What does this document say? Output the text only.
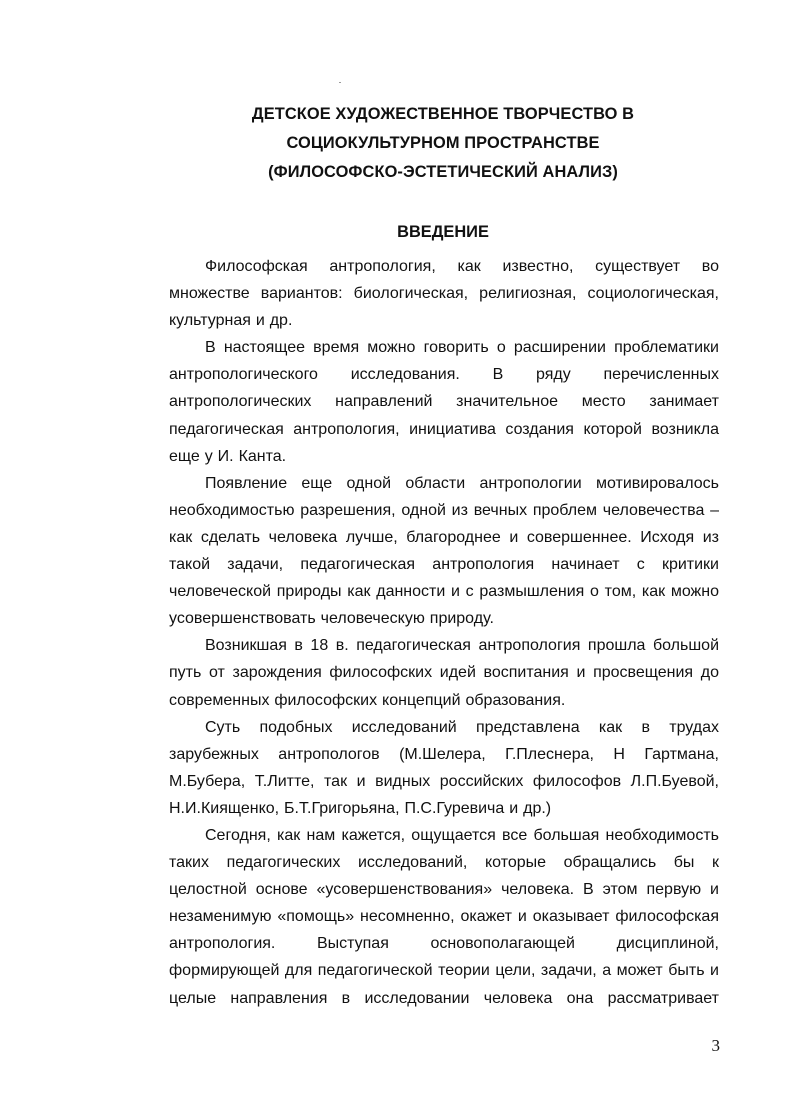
ДЕТСКОЕ ХУДОЖЕСТВЕННОЕ ТВОРЧЕСТВО В
СОЦИОКУЛЬТУРНОМ ПРОСТРАНСТВЕ
(ФИЛОСОФСКО-ЭСТЕТИЧЕСКИЙ АНАЛИЗ)
ВВЕДЕНИЕ

Философская антропология, как известно, существует во множестве вариантов: биологическая, религиозная, социологическая, культурная и др.

В настоящее время можно говорить о расширении проблематики антропологического исследования. В ряду перечисленных антропологических направлений значительное место занимает педагогическая антропология, инициатива создания которой возникла еще у И. Канта.

Появление еще одной области антропологии мотивировалось необходимостью разрешения, одной из вечных проблем человечества – как сделать человека лучше, благороднее и совершеннее. Исходя из такой задачи, педагогическая антропология начинает с критики человеческой природы как данности и с размышления о том, как можно усовершенствовать человеческую природу.

Возникшая в 18 в. педагогическая антропология прошла большой путь от зарождения философских идей воспитания и просвещения до современных философских концепций образования.

Суть подобных исследований представлена как в трудах зарубежных антропологов (М.Шелера, Г.Плеснера, Н Гартмана, М.Бубера, Т.Литте, так и видных российских философов Л.П.Буевой, Н.И.Киященко, Б.Т.Григорьяна, П.С.Гуревича и др.)

Сегодня, как нам кажется, ощущается все большая необходимость таких педагогических исследований, которые обращались бы к целостной основе «усовершенствования» человека. В этом первую и незаменимую «помощь» несомненно, окажет и оказывает философская антропология. Выступая основополагающей дисциплиной, формирующей для педагогической теории цели, задачи, а может быть и целые направления в исследовании человека она рассматривает

3
